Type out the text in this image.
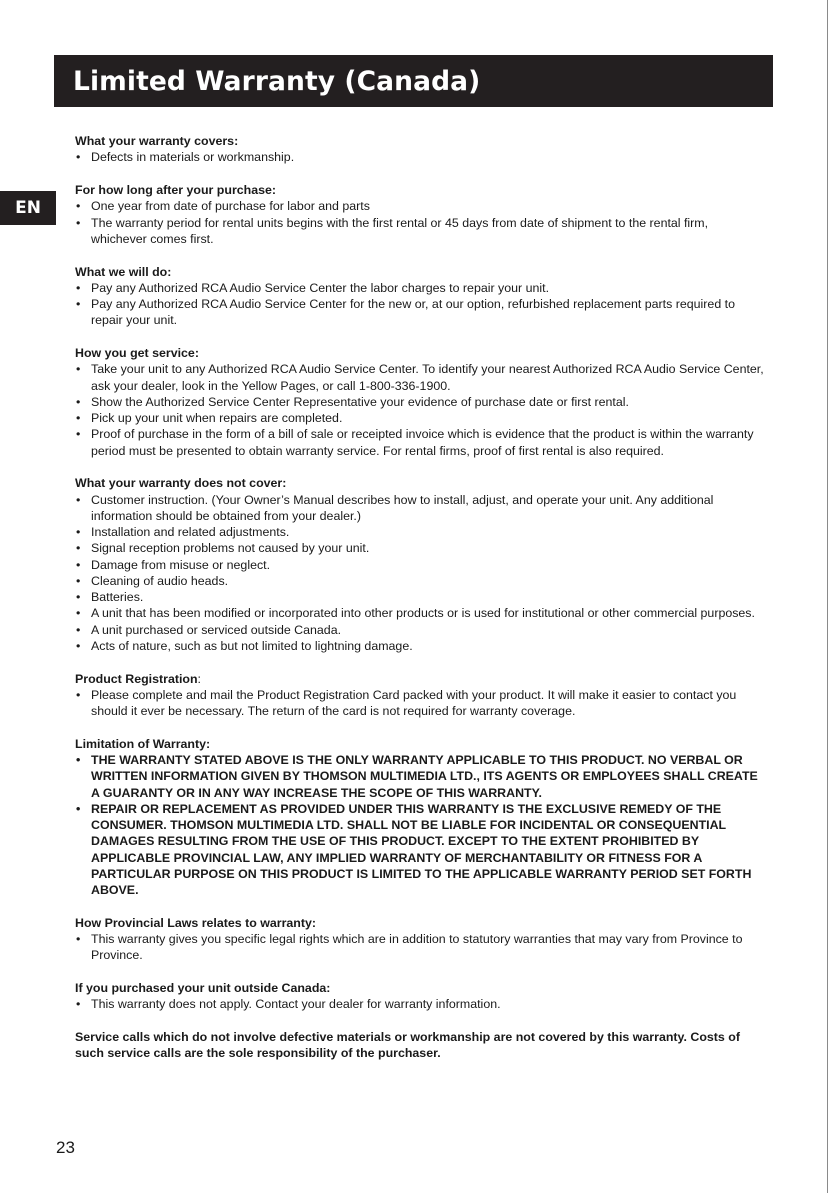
Limited Warranty (Canada)
EN
What your warranty covers:
• Defects in materials or workmanship.
For how long after your purchase:
• One year from date of purchase for labor and parts
• The warranty period for rental units begins with the first rental or 45 days from date of shipment to the rental firm, whichever comes first.
What we will do:
• Pay any Authorized RCA Audio Service Center the labor charges to repair your unit.
• Pay any Authorized RCA Audio Service Center for the new or, at our option, refurbished replacement parts required to repair your unit.
How you get service:
• Take your unit to any Authorized RCA Audio Service Center. To identify your nearest Authorized RCA Audio Service Center, ask your dealer, look in the Yellow Pages, or call 1-800-336-1900.
• Show the Authorized Service Center Representative your evidence of purchase date or first rental.
• Pick up your unit when repairs are completed.
• Proof of purchase in the form of a bill of sale or receipted invoice which is evidence that the product is within the warranty period must be presented to obtain warranty service. For rental firms, proof of first rental is also required.
What your warranty does not cover:
• Customer instruction. (Your Owner’s Manual describes how to install, adjust, and operate your unit. Any additional information should be obtained from your dealer.)
• Installation and related adjustments.
• Signal reception problems not caused by your unit.
• Damage from misuse or neglect.
• Cleaning of audio heads.
• Batteries.
• A unit that has been modified or incorporated into other products or is used for institutional or other commercial purposes.
• A unit purchased or serviced outside Canada.
• Acts of nature, such as but not limited to lightning damage.
Product Registration:
• Please complete and mail the Product Registration Card packed with your product. It will make it easier to contact you should it ever be necessary. The return of the card is not required for warranty coverage.
Limitation of Warranty:
• THE WARRANTY STATED ABOVE IS THE ONLY WARRANTY APPLICABLE TO THIS PRODUCT. NO VERBAL OR WRITTEN INFORMATION GIVEN BY THOMSON MULTIMEDIA LTD., ITS AGENTS OR EMPLOYEES SHALL CREATE A GUARANTY OR IN ANY WAY INCREASE THE SCOPE OF THIS WARRANTY.
• REPAIR OR REPLACEMENT AS PROVIDED UNDER THIS WARRANTY IS THE EXCLUSIVE REMEDY OF THE CONSUMER. THOMSON MULTIMEDIA LTD. SHALL NOT BE LIABLE FOR INCIDENTAL OR CONSEQUENTIAL DAMAGES RESULTING FROM THE USE OF THIS PRODUCT. EXCEPT TO THE EXTENT PROHIBITED BY APPLICABLE PROVINCIAL LAW, ANY IMPLIED WARRANTY OF MERCHANTABILITY OR FITNESS FOR A PARTICULAR PURPOSE ON THIS PRODUCT IS LIMITED TO THE APPLICABLE WARRANTY PERIOD SET FORTH ABOVE.
How Provincial Laws relates to warranty:
• This warranty gives you specific legal rights which are in addition to statutory warranties that may vary from Province to Province.
If you purchased your unit outside Canada:
• This warranty does not apply. Contact your dealer for warranty information.

Service calls which do not involve defective materials or workmanship are not covered by this warranty. Costs of such service calls are the sole responsibility of the purchaser.

23
